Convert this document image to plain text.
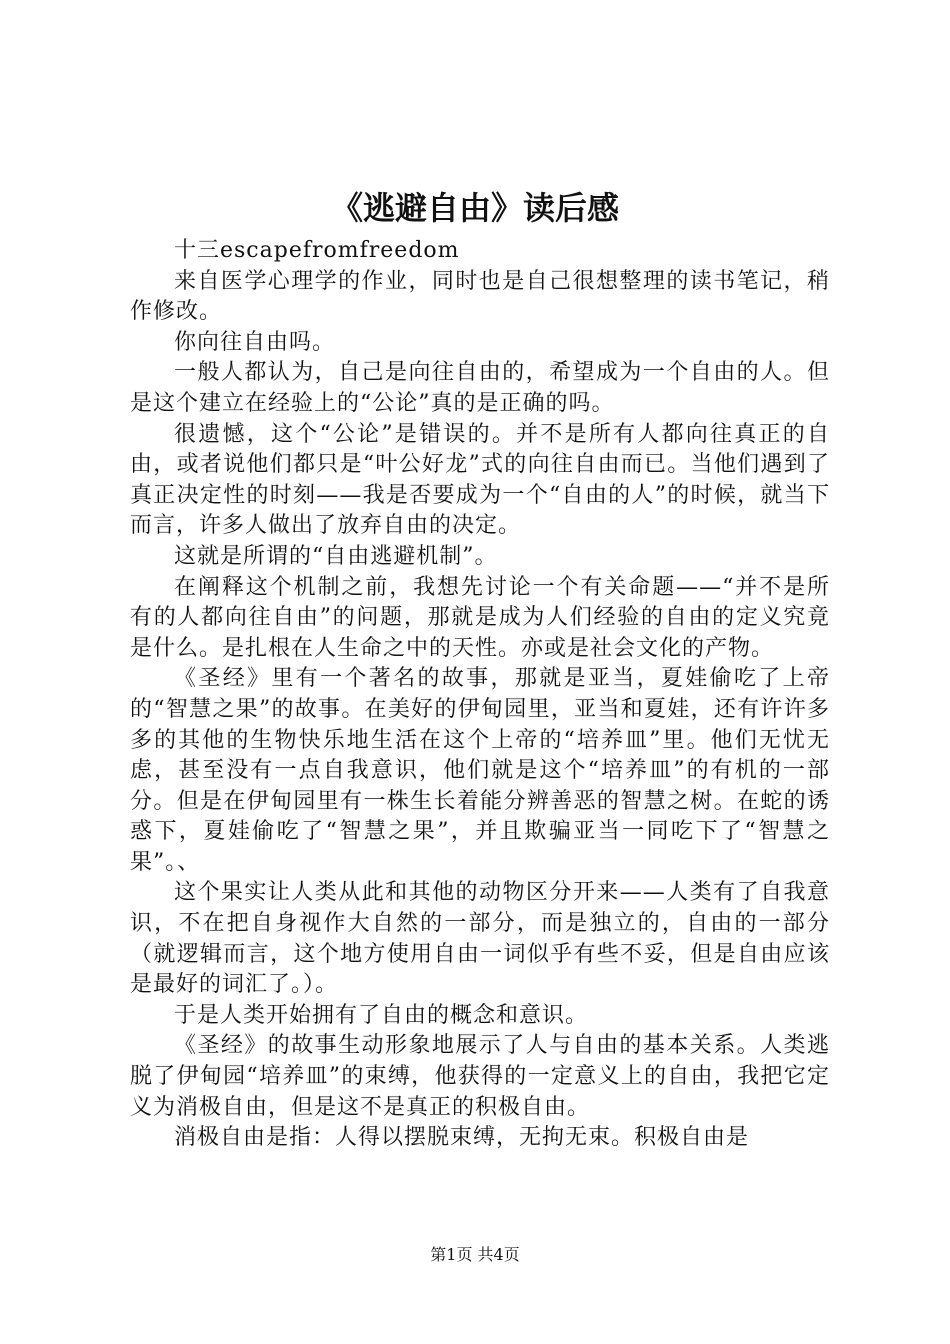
《逃避自由》读后感

十三escapefromfreedom

来自医学心理学的作业，同时也是自己很想整理的读书笔记，稍作修改。

你向往自由吗。

一般人都认为，自己是向往自由的，希望成为一个自由的人。但是这个建立在经验上的“公论”真的是正确的吗。

很遗憾，这个“公论”是错误的。并不是所有人都向往真正的自由，或者说他们都只是“叶公好龙”式的向往自由而已。当他们遇到了真正决定性的时刻——我是否要成为一个“自由的人”的时候，就当下而言，许多人做出了放弃自由的决定。

这就是所谓的“自由逃避机制”。

在阐释这个机制之前，我想先讨论一个有关命题——“并不是所有的人都向往自由”的问题，那就是成为人们经验的自由的定义究竟是什么。是扎根在人生命之中的天性。亦或是社会文化的产物。

《圣经》里有一个著名的故事，那就是亚当，夏娃偷吃了上帝的“智慧之果”的故事。在美好的伊甸园里，亚当和夏娃，还有许许多多的其他的生物快乐地生活在这个上帝的“培养皿”里。他们无忧无虑，甚至没有一点自我意识，他们就是这个“培养皿”的有机的一部分。但是在伊甸园里有一株生长着能分辨善恶的智慧之树。在蛇的诱惑下，夏娃偷吃了“智慧之果”，并且欺骗亚当一同吃下了“智慧之果”。、

这个果实让人类从此和其他的动物区分开来——人类有了自我意识，不在把自身视作大自然的一部分，而是独立的，自由的一部分（就逻辑而言，这个地方使用自由一词似乎有些不妥，但是自由应该是最好的词汇了。）。

于是人类开始拥有了自由的概念和意识。

《圣经》的故事生动形象地展示了人与自由的基本关系。人类逃脱了伊甸园“培养皿”的束缚，他获得的一定意义上的自由，我把它定义为消极自由，但是这不是真正的积极自由。

消极自由是指：人得以摆脱束缚，无拘无束。积极自由是

第1页 共4页
